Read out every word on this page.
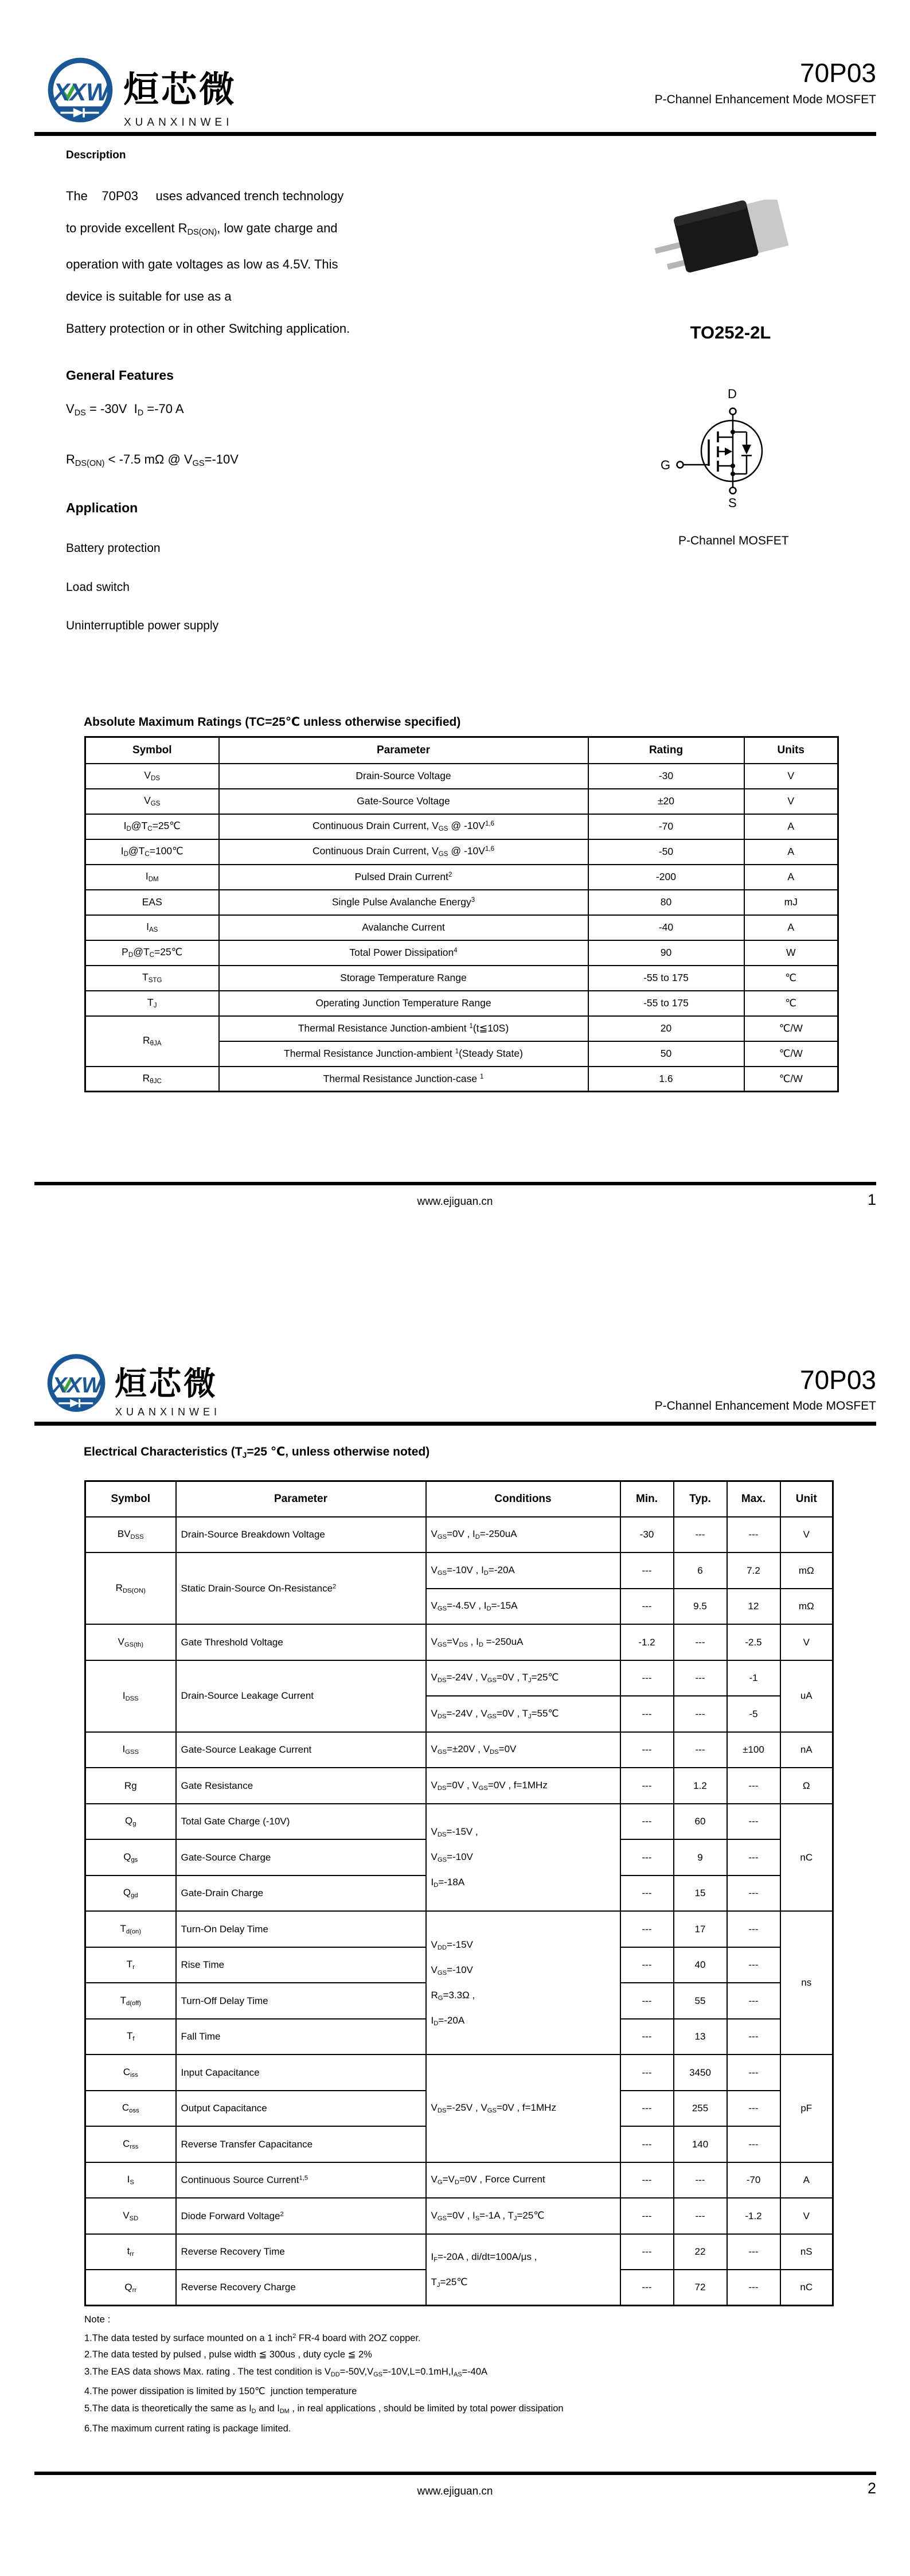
XXW 烜芯微
XUANXINWEI
70P03
P-Channel Enhancement Mode MOSFET
Description
The    70P03     uses advanced trench technology
to provide excellent $R_{DS(ON)}$, low gate charge and
operation with gate voltages as low as 4.5V. This
device is suitable for use as a
Battery protection or in other Switching application.
General Features
$V_{DS} = -30V$  $I_D =-70$ A
$R_{DS(ON)} < -7.5$ mΩ @ $V_{GS}=-10V$
Application
Battery protection
Load switch
Uninterruptible power supply
TO252-2L
D
G
S
P-Channel MOSFET
Absolute Maximum Ratings (TC=25℃ unless otherwise specified)
Symbol	Parameter	Rating	Units
$V_{DS}$	Drain-Source Voltage	-30	V
$V_{GS}$	Gate-Source Voltage	±20	V
$I_D@T_C=25℃$	Continuous Drain Current, $V_{GS}$ @ $-10V^{1,6}$	-70	A
$I_D@T_C=100℃$	Continuous Drain Current, $V_{GS}$ @ $-10V^{1,6}$	-50	A
$I_{DM}$	Pulsed Drain Current$^2$	-200	A
EAS	Single Pulse Avalanche Energy$^3$	80	mJ
$I_{AS}$	Avalanche Current	-40	A
$P_D@T_C=25℃$	Total Power Dissipation$^4$	90	W
$T_{STG}$	Storage Temperature Range	-55 to 175	℃
$T_J$	Operating Junction Temperature Range	-55 to 175	℃
$R_{\theta JA}$	Thermal Resistance Junction-ambient $^1$(t≦10S)	20	℃/W
	Thermal Resistance Junction-ambient $^1$(Steady State)	50	℃/W
$R_{\theta JC}$	Thermal Resistance Junction-case $^1$	1.6	℃/W
www.ejiguan.cn	1
XXW 烜芯微
XUANXINWEI
70P03
P-Channel Enhancement Mode MOSFET
Electrical Characteristics ($T_J=25$ ℃, unless otherwise noted)
Symbol	Parameter	Conditions	Min.	Typ.	Max.	Unit
$BV_{DSS}$	Drain-Source Breakdown Voltage	$V_{GS}=0V$ , $I_D=-250uA$	-30	---	---	V
$R_{DS(ON)}$	Static Drain-Source On-Resistance$^2$	$V_{GS}=-10V$ , $I_D=-20A$	---	6	7.2	mΩ
		$V_{GS}=-4.5V$ , $I_D=-15A$	---	9.5	12	mΩ
$V_{GS(th)}$	Gate Threshold Voltage	$V_{GS}=V_{DS}$ , $I_D =-250uA$	-1.2	---	-2.5	V
$I_{DSS}$	Drain-Source Leakage Current	$V_{DS}=-24V$ , $V_{GS}=0V$ , $T_J=25℃$	---	---	-1	uA
		$V_{DS}=-24V$ , $V_{GS}=0V$ , $T_J=55℃$	---	---	-5	
$I_{GSS}$	Gate-Source Leakage Current	$V_{GS}=\pm 20V$ , $V_{DS}=0V$	---	---	±100	nA
Rg	Gate Resistance	$V_{DS}=0V$ , $V_{GS}=0V$ , f=1MHz	---	1.2	---	Ω
$Q_g$	Total Gate Charge (-10V)	$V_{DS}=-15V$ ,
$V_{GS}=-10V$
$I_D=-18A$	---	60	---	nC
$Q_{gs}$	Gate-Source Charge		---	9	---	
$Q_{gd}$	Gate-Drain Charge		---	15	---	
$T_{d(on)}$	Turn-On Delay Time	$V_{DD}=-15V$
$V_{GS}=-10V$
$R_G=3.3\Omega$ ,
$I_D=-20A$	---	17	---	ns
$T_r$	Rise Time		---	40	---	
$T_{d(off)}$	Turn-Off Delay Time		---	55	---	
$T_f$	Fall Time		---	13	---	
$C_{iss}$	Input Capacitance	$V_{DS}=-25V$ , $V_{GS}=0V$ , f=1MHz	---	3450	---	pF
$C_{oss}$	Output Capacitance		---	255	---	
$C_{rss}$	Reverse Transfer Capacitance		---	140	---	
$I_S$	Continuous Source Current$^{1,5}$	$V_G=V_D=0V$ , Force Current	---	---	-70	A
$V_{SD}$	Diode Forward Voltage$^2$	$V_{GS}=0V$ , $I_S=-1A$ , $T_J=25℃$	---	---	-1.2	V
$t_{rr}$	Reverse Recovery Time	$I_F=-20A$ , di/dt=100A/μs ,
$T_J=25℃$	---	22	---	nS
$Q_{rr}$	Reverse Recovery Charge		---	72	---	nC
Note :
1.The data tested by surface mounted on a 1 inch$^2$ FR-4 board with 2OZ copper.
2.The data tested by pulsed , pulse width ≦ 300us , duty cycle ≦ 2%
3.The EAS data shows Max. rating . The test condition is $V_{DD}=-50V,V_{GS}=-10V,L=0.1mH,I_{AS}=-40A$
4.The power dissipation is limited by 150℃  junction temperature
5.The data is theoretically the same as $I_D$ and $I_{DM}$ , in real applications , should be limited by total power dissipation
6.The maximum current rating is package limited.
www.ejiguan.cn	2
